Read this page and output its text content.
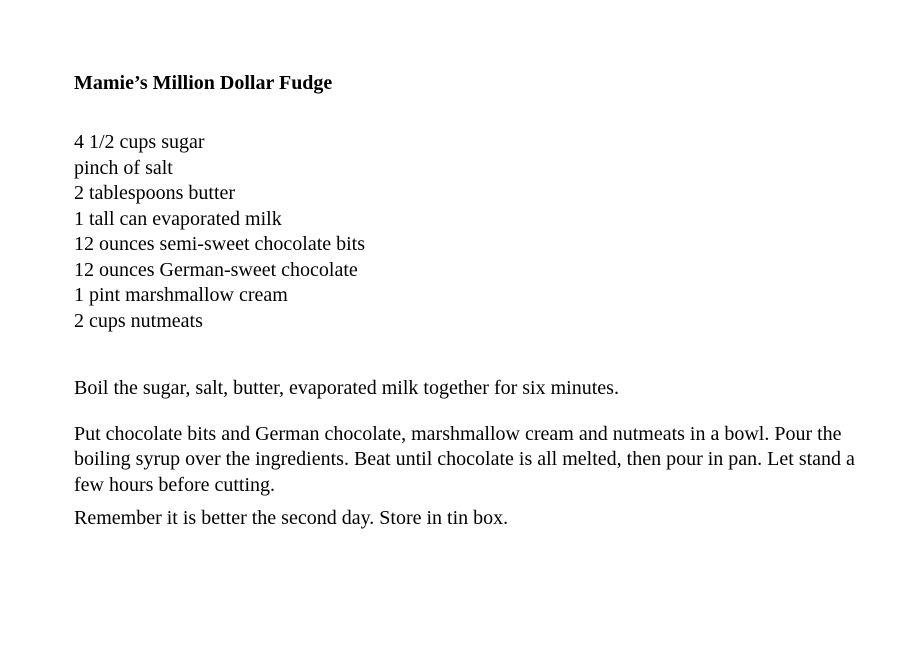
Mamie’s Million Dollar Fudge
4 1/2 cups sugar
pinch of salt
2 tablespoons butter
1 tall can evaporated milk
12 ounces semi-sweet chocolate bits
12 ounces German-sweet chocolate
1 pint marshmallow cream
2 cups nutmeats

Boil the sugar, salt, butter, evaporated milk together for six minutes.

Put chocolate bits and German chocolate, marshmallow cream and nutmeats in a bowl. Pour the boiling syrup over the ingredients. Beat until chocolate is all melted, then pour in pan. Let stand a few hours before cutting.

Remember it is better the second day. Store in tin box.
